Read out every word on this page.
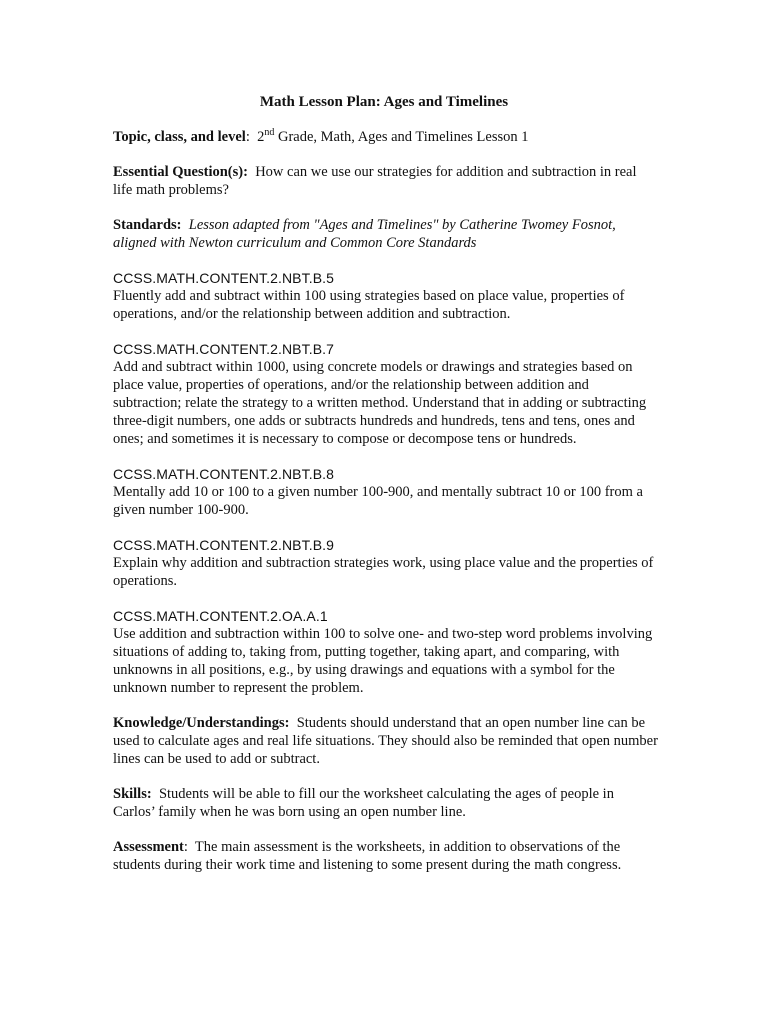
Math Lesson Plan: Ages and Timelines

Topic, class, and level: 2nd Grade, Math, Ages and Timelines Lesson 1

Essential Question(s): How can we use our strategies for addition and subtraction in real life math problems?

Standards: Lesson adapted from "Ages and Timelines" by Catherine Twomey Fosnot, aligned with Newton curriculum and Common Core Standards

CCSS.MATH.CONTENT.2.NBT.B.5
Fluently add and subtract within 100 using strategies based on place value, properties of operations, and/or the relationship between addition and subtraction.

CCSS.MATH.CONTENT.2.NBT.B.7
Add and subtract within 1000, using concrete models or drawings and strategies based on place value, properties of operations, and/or the relationship between addition and subtraction; relate the strategy to a written method. Understand that in adding or subtracting three-digit numbers, one adds or subtracts hundreds and hundreds, tens and tens, ones and ones; and sometimes it is necessary to compose or decompose tens or hundreds.

CCSS.MATH.CONTENT.2.NBT.B.8
Mentally add 10 or 100 to a given number 100-900, and mentally subtract 10 or 100 from a given number 100-900.

CCSS.MATH.CONTENT.2.NBT.B.9
Explain why addition and subtraction strategies work, using place value and the properties of operations.

CCSS.MATH.CONTENT.2.OA.A.1
Use addition and subtraction within 100 to solve one- and two-step word problems involving situations of adding to, taking from, putting together, taking apart, and comparing, with unknowns in all positions, e.g., by using drawings and equations with a symbol for the unknown number to represent the problem.

Knowledge/Understandings: Students should understand that an open number line can be used to calculate ages and real life situations. They should also be reminded that open number lines can be used to add or subtract.

Skills: Students will be able to fill our the worksheet calculating the ages of people in Carlos’ family when he was born using an open number line.

Assessment: The main assessment is the worksheets, in addition to observations of the students during their work time and listening to some present during the math congress.
